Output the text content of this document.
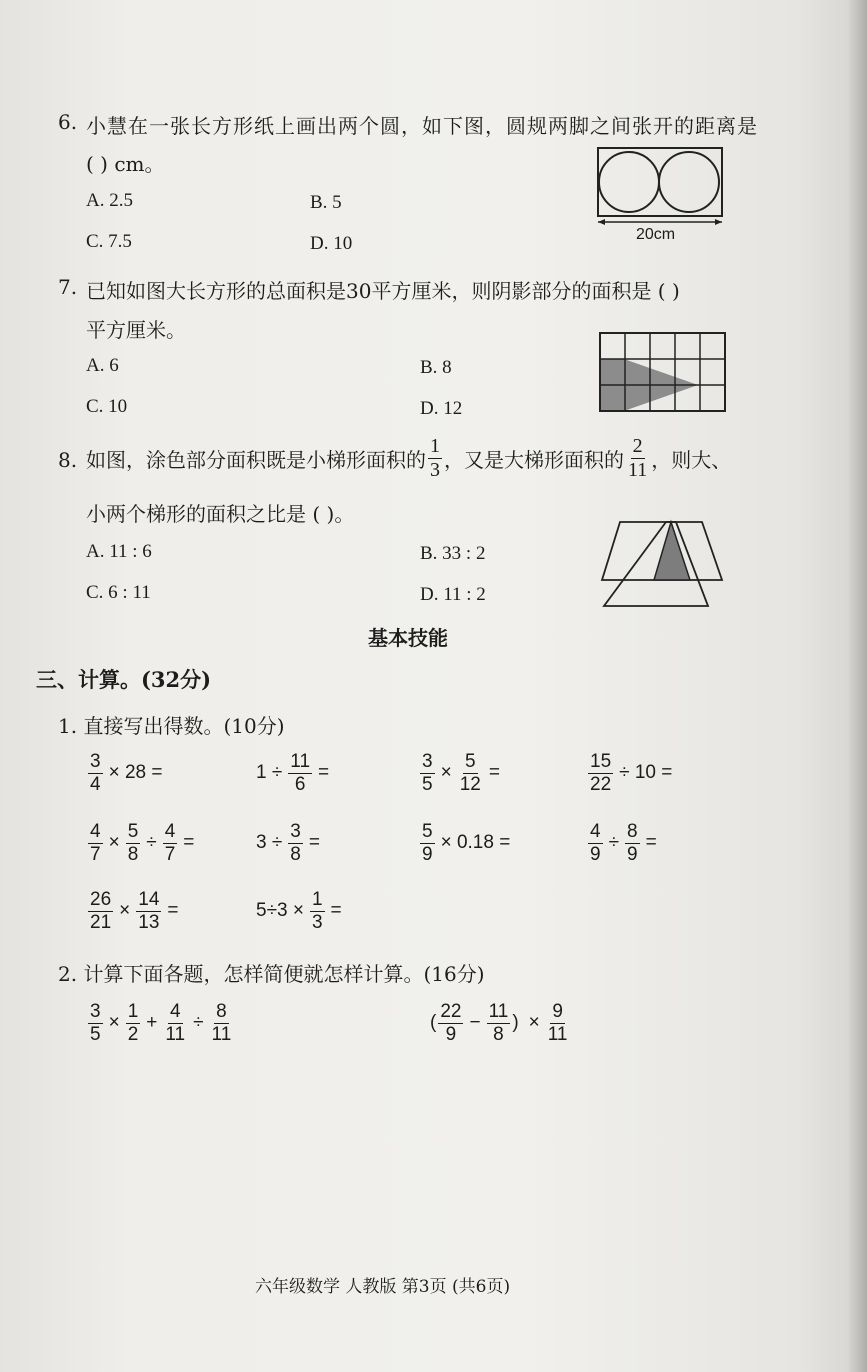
6. 小慧在一张长方形纸上画出两个圆，如下图，圆规两脚之间张开的距离是
( ) cm。
A. 2.5	B. 5
C. 7.5	D. 10	20cm
7. 已知如图大长方形的总面积是30平方厘米，则阴影部分的面积是 ( )
平方厘米。
A. 6	B. 8
C. 10	D. 12
8. 如图，涂色部分面积既是小梯形面积的 $\frac{1}{3}$ ，又是大梯形面积的 $\frac{2}{11}$ ，则大、
小两个梯形的面积之比是 ( )。
A. 11 : 6	B. 33 : 2
C. 6 : 11	D. 11 : 2
基本技能
三、计算。(32分)
1. 直接写出得数。(10分)
$\frac{3}{4} \times 28$ =	$1 \div \frac{11}{6}$ =	$\frac{3}{5} \times \frac{5}{12}$ =	$\frac{15}{22} \div 10$ =
$\frac{4}{7} \times \frac{5}{8} \div \frac{4}{7}$ =	$3 \div \frac{3}{8}$ =	$\frac{5}{9} \times 0.18$ =	$\frac{4}{9} \div \frac{8}{9}$ =
$\frac{26}{21} \times \frac{14}{13}$ =	$5\div 3 \times \frac{1}{3}$ =
2. 计算下面各题，怎样简便就怎样计算。(16分)
$\frac{3}{5} \times \frac{1}{2} + \frac{4}{11} \div \frac{8}{11}$	( $\frac{22}{9} - \frac{11}{8}$ ) × $\frac{9}{11}$
六年级数学 人教版 第3页 (共6页)
